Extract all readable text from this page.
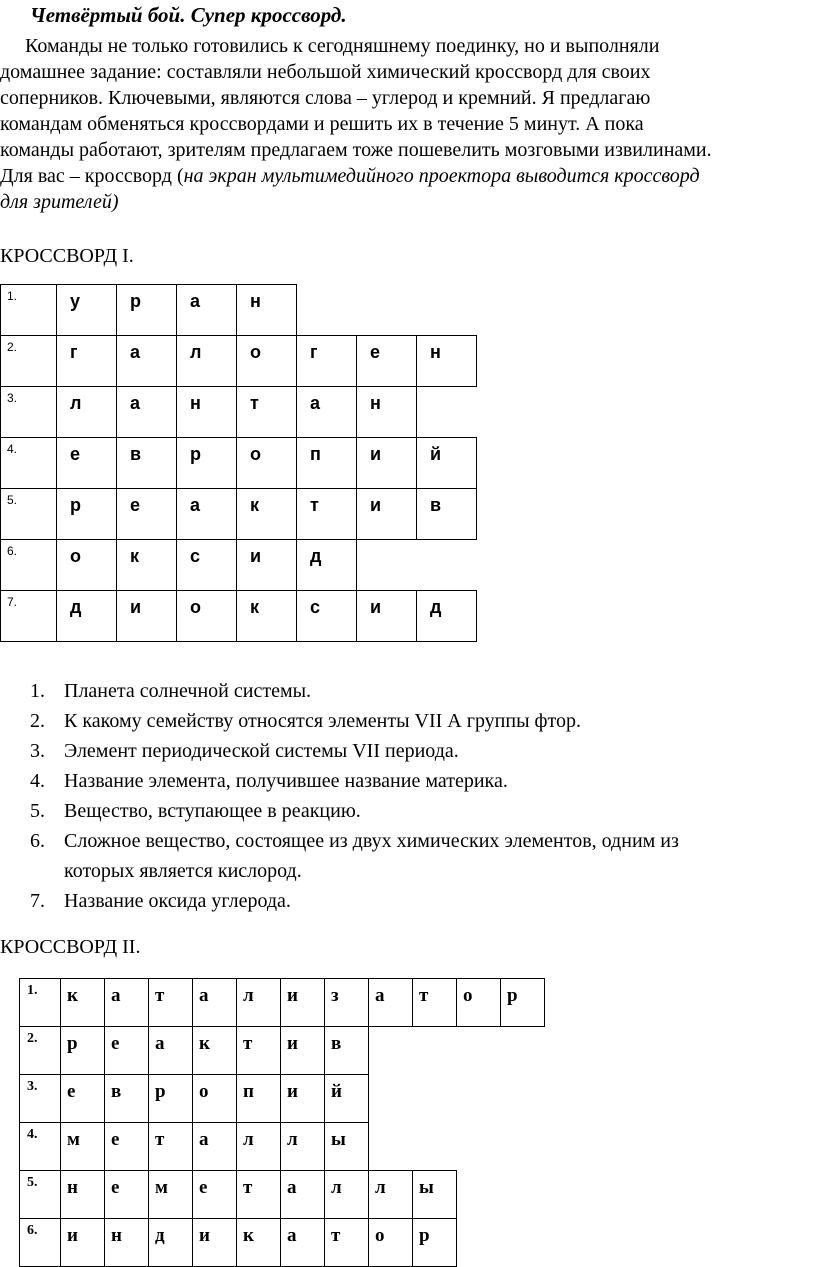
Четвёртый бой. Супер кроссворд.
Команды не только готовились к сегодняшнему поединку, но и выполняли
домашнее задание: составляли небольшой химический кроссворд для своих
соперников. Ключевыми, являются слова – углерод и кремний. Я предлагаю
командам обменяться кроссвордами и решить их в течение 5 минут. А пока
команды работают, зрителям предлагаем тоже пошевелить мозговыми извилинами.
Для вас – кроссворд (на экран мультимедийного проектора выводится кроссворд
для зрителей)
КРОССВОРД I.
1.	у	р	а	н			
2.	г	а	л	о	г	е	н
3.	л	а	н	т	а	н	
4.	е	в	р	о	п	и	й
5.	р	е	а	к	т	и	в
6.	о	к	с	и	д		
7.	д	и	о	к	с	и	д
1. Планета солнечной системы.
2. К какому семейству относятся элементы VII А группы фтор.
3. Элемент периодической системы VII периода.
4. Название элемента, получившее название материка.
5. Вещество, вступающее в реакцию.
6. Сложное вещество, состоящее из двух химических элементов, одним из
которых является кислород.
7. Название оксида углерода.
КРОССВОРД II.
1.	к	а	т	а	л	и	з	а	т	о	р
2.	р	е	а	к	т	и	в				
3.	е	в	р	о	п	и	й				
4.	м	е	т	а	л	л	ы				
5.	н	е	м	е	т	а	л	л	ы		
6.	и	н	д	и	к	а	т	о	р		
